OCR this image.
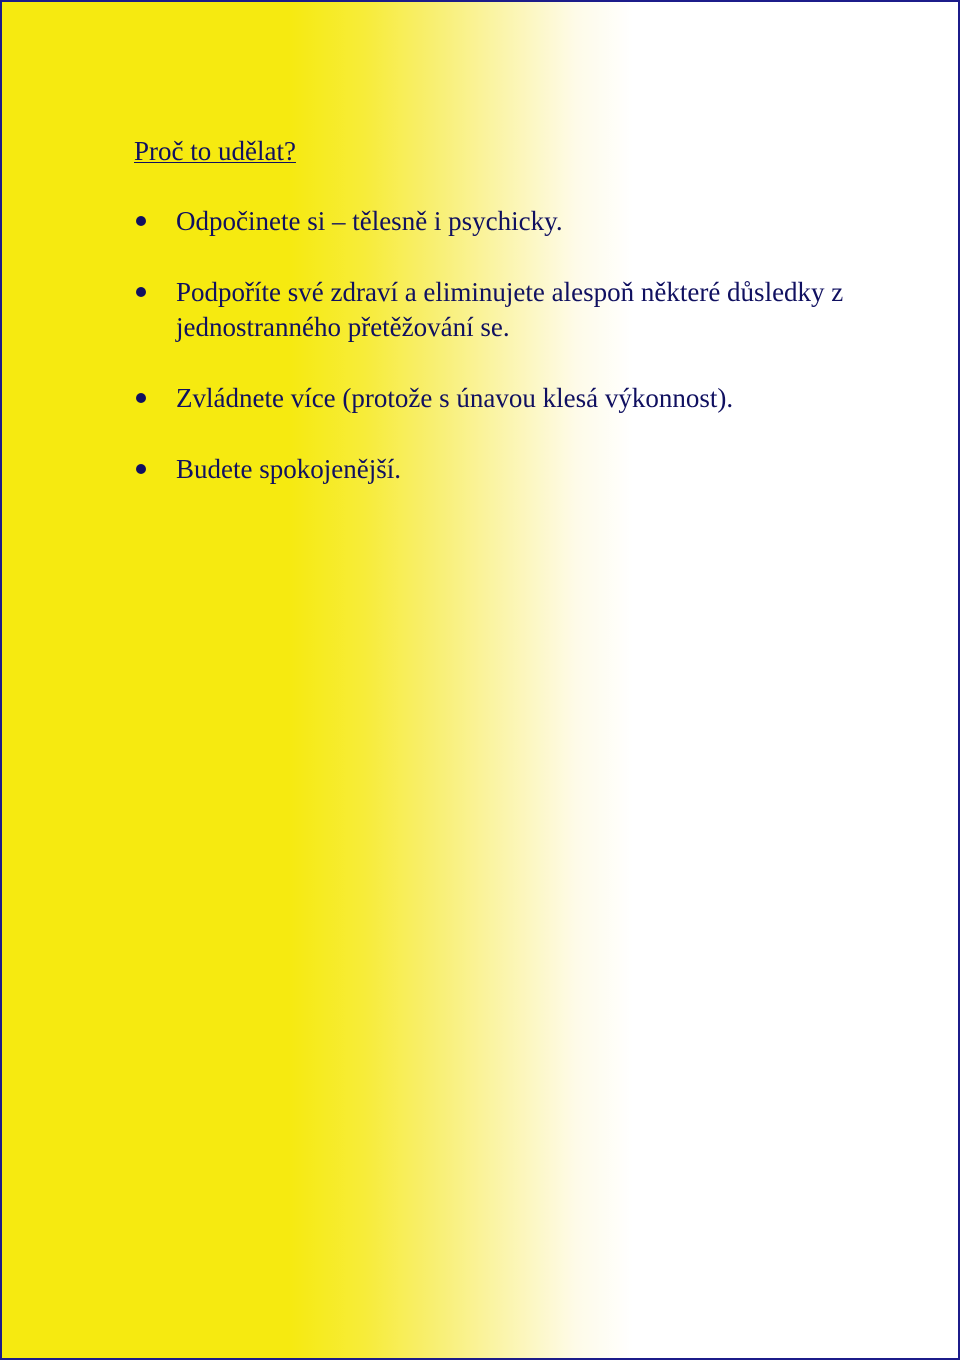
Proč to udělat?
Odpočinete si – tělesně i psychicky.
Podpoříte své zdraví a eliminujete alespoň některé důsledky z jednostranného přetěžování se.
Zvládnete více (protože s únavou klesá výkonnost).
Budete spokojenější.
